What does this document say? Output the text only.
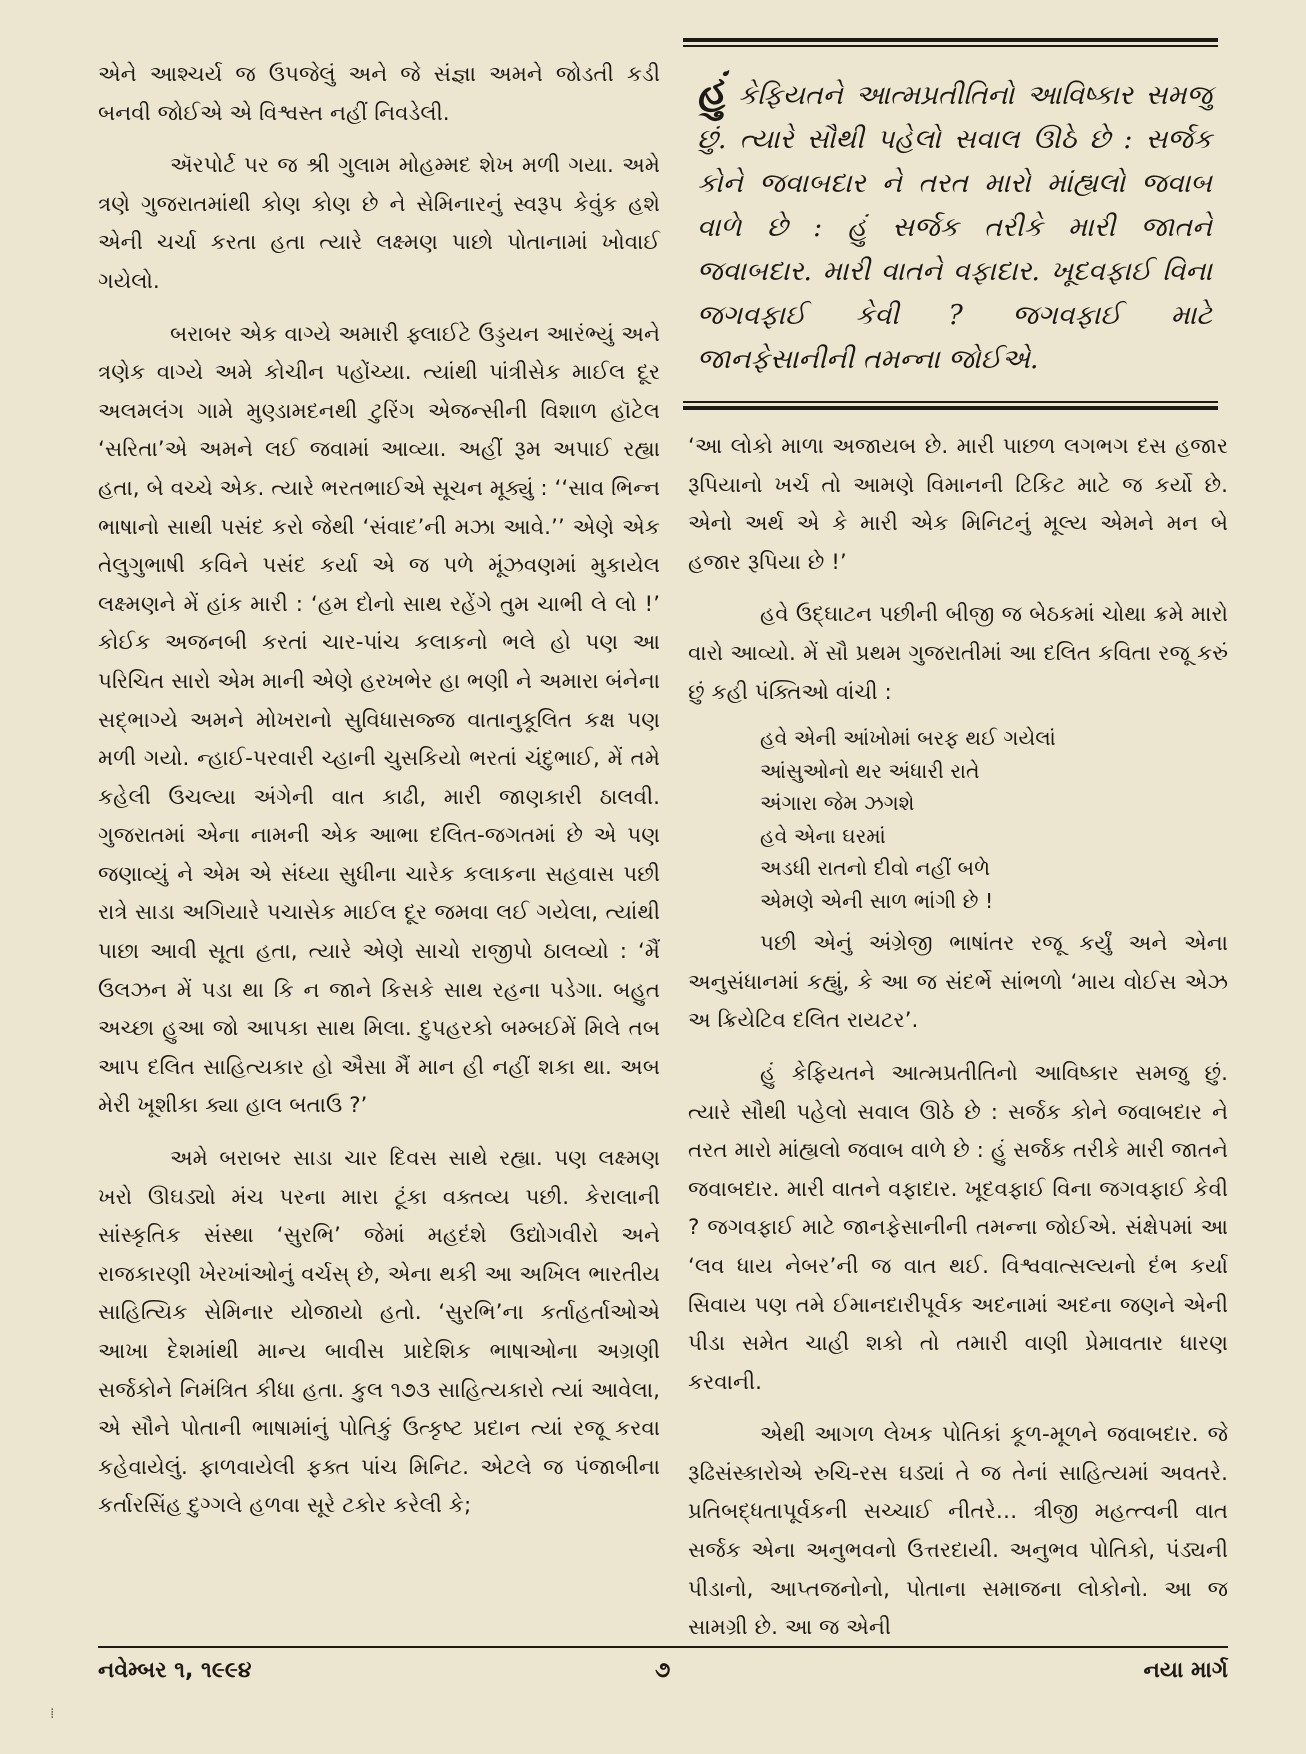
એને આશ્ચર્ય જ ઉપજેલું અને જે સંજ્ઞા અમને જોડતી કડી બનવી જોઈએ એ વિશ્વસ્ત નહીં નિવડેલી.

ઍરપોર્ટ પર જ શ્રી ગુલામ મોહમ્મદ શેખ મળી ગયા. અમે ત્રણે ગુજરાતમાંથી કોણ કોણ છે ને સેમિનારનું સ્વરૂપ કેવુંક હશે એની ચર્ચા કરતા હતા ત્યારે લક્ષ્મણ પાછો પોતાનામાં ખોવાઈ ગયેલો.

બરાબર એક વાગ્યે અમારી ફ્લાઈટે ઉડ્ડયન આરંભ્યું અને ત્રણેક વાગ્યે અમે કોચીન પહોંચ્યા. ત્યાંથી પાંત્રીસેક માઈલ દૂર અલમલંગ ગામે મુણ્ડામદનથી ટુરિંગ એજન્સીની વિશાળ હૉટેલ ‘સરિતા’એ અમને લઈ જવામાં આવ્યા. અહીં રૂમ અપાઈ રહ્યા હતા, બે વચ્ચે એક. ત્યારે ભરતભાઈએ સૂચન મૂક્યું : ‘‘સાવ ભિન્ન ભાષાનો સાથી પસંદ કરો જેથી ‘સંવાદ’ની મઝા આવે.’’ એણે એક તેલુગુભાષી કવિને પસંદ કર્યા એ જ પળે મૂંઝવણમાં મુકાયેલ લક્ષ્મણને મેં હાંક મારી : ‘હમ દોનો સાથ રહેંગે તુમ ચાભી લે લો !’ કોઈક અજનબી કરતાં ચાર-પાંચ કલાકનો ભલે હો પણ આ પરિચિત સારો એમ માની એણે હરખભેર હા ભણી ને અમારા બંનેના સદ્‌ભાગ્યે અમને મોખરાનો સુવિધાસજ્જ વાતાનુકૂલિત કક્ષ પણ મળી ગયો. ન્હાઈ-પરવારી ચ્હાની ચુસકિયો ભરતાં ચંદુભાઈ, મેં તમે કહેલી ઉચલ્યા અંગેની વાત કાઢી, મારી જાણકારી ઠાલવી. ગુજરાતમાં એના નામની એક આભા દલિત-જગતમાં છે એ પણ જણાવ્યું ને એમ એ સંધ્યા સુધીના ચારેક કલાકના સહવાસ પછી રાત્રે સાડા અગિયારે પચાસેક માઈલ દૂર જમવા લઈ ગયેલા, ત્યાંથી પાછા આવી સૂતા હતા, ત્યારે એણે સાચો રાજીપો ઠાલવ્યો : ‘મૈં ઉલઝન મેં પડા થા કિ ન જાને કિસકે સાથ રહના પડેગા. બહુત અચ્છા હુઆ જો આપકા સાથ મિલા. દુપહરકો બમ્બઈમેં મિલે તબ આપ દલિત સાહિત્યકાર હો ઐસા મૈં માન હી નહીં શકા થા. અબ મેરી ખૂશીકા ક્યા હાલ બતાઉ ?’

અમે બરાબર સાડા ચાર દિવસ સાથે રહ્યા. પણ લક્ષ્મણ ખરો ઊઘડ્યો મંચ પરના મારા ટૂંકા વક્તવ્ય પછી. કેરાલાની સાંસ્કૃતિક સંસ્થા ‘સુરભિ’ જેમાં મહદંશે ઉદ્યોગવીરો અને રાજકારણી ખેરખાંઓનું વર્ચસ્ છે, એના થકી આ અખિલ ભારતીય સાહિત્યિક સેમિનાર યોજાયો હતો. ‘સુરભિ’ના કર્તાહર્તાઓએ આખા દેશમાંથી માન્ય બાવીસ પ્રાદેશિક ભાષાઓના અગ્રણી સર્જકોને નિમંત્રિત કીધા હતા. કુલ ૧૭૩ સાહિત્યકારો ત્યાં આવેલા, એ સૌને પોતાની ભાષામાંનું પોતિકું ઉત્કૃષ્ટ પ્રદાન ત્યાં રજૂ કરવા કહેવાયેલું. ફાળવાયેલી ફક્ત પાંચ મિનિટ. એટલે જ પંજાબીના કર્તારસિંહ દુગ્ગલે હળવા સૂરે ટકોર કરેલી કે;

હું કેફિયતને આત્મપ્રતીતિનો આવિષ્કાર સમજુ છું. ત્યારે સૌથી પહેલો સવાલ ઊઠે છે : સર્જક કોને જવાબદાર ને તરત મારો માંહ્યલો જવાબ વાળે છે : હું સર્જક તરીકે મારી જાતને જવાબદાર. મારી વાતને વફાદાર. ખૂદવફાઈ વિના જગવફાઈ કેવી ? જગવફાઈ માટે જાનફેસાનીની તમન્ના જોઈએ.

‘આ લોકો માળા અજાયબ છે. મારી પાછળ લગભગ દસ હજાર રૂપિયાનો ખર્ચ તો આમણે વિમાનની ટિકિટ માટે જ કર્યો છે. એનો અર્થ એ કે મારી એક મિનિટનું મૂલ્ય એમને મન બે હજાર રૂપિયા છે !’

હવે ઉદ્‌ઘાટન પછીની બીજી જ બેઠકમાં ચોથા ક્રમે મારો વારો આવ્યો. મેં સૌ પ્રથમ ગુજરાતીમાં આ દલિત કવિતા રજૂ કરું છું કહી પંક્તિઓ વાંચી :

હવે એની આંખોમાં બરફ થઈ ગયેલાં
આંસુઓનો થર અંધારી રાતે
અંગારા જેમ ઝગશે
હવે એના ઘરમાં
અડધી રાતનો દીવો નહીં બળે
એમણે એની સાળ ભાંગી છે !

પછી એનું અંગ્રેજી ભાષાંતર રજૂ કર્યું અને એના અનુસંધાનમાં કહ્યું, કે આ જ સંદર્ભે સાંભળો ‘માય વોઈસ એઝ અ ક્રિયેટિવ દલિત રાયટર’.

હું કેફિયતને આત્મપ્રતીતિનો આવિષ્કાર સમજુ છું. ત્યારે સૌથી પહેલો સવાલ ઊઠે છે : સર્જક કોને જવાબદાર ને તરત મારો માંહ્યલો જવાબ વાળે છે : હું સર્જક તરીકે મારી જાતને જવાબદાર. મારી વાતને વફાદાર. ખૂદવફાઈ વિના જગવફાઈ કેવી ? જગવફાઈ માટે જાનફેસાનીની તમન્ના જોઈએ. સંક્ષેપમાં આ ‘લવ ધાય નેબર’ની જ વાત થઈ. વિશ્વવાત્સલ્યનો દંભ કર્યા સિવાય પણ તમે ઈમાનદારીપૂર્વક અદનામાં અદના જણને એની પીડા સમેત ચાહી શકો તો તમારી વાણી પ્રેમાવતાર ધારણ કરવાની.

એથી આગળ લેખક પોતિકાં કૂળ-મૂળને જવાબદાર. જે રૂઢિસંસ્કારોએ રુચિ-રસ ઘડ્યાં તે જ તેનાં સાહિત્યમાં અવતરે. પ્રતિબદ્ધતાપૂર્વકની સચ્ચાઈ નીતરે… ત્રીજી મહત્ત્વની વાત સર્જક એના અનુભવનો ઉત્તરદાયી. અનુભવ પોતિકો, પંડ્યની પીડાનો, આપ્તજનોનો, પોતાના સમાજના લોકોનો. આ જ સામગ્રી છે. આ જ એની

નવેમ્બર ૧, ૧૯૯૪	૭	નયા માર્ગ
⁞
